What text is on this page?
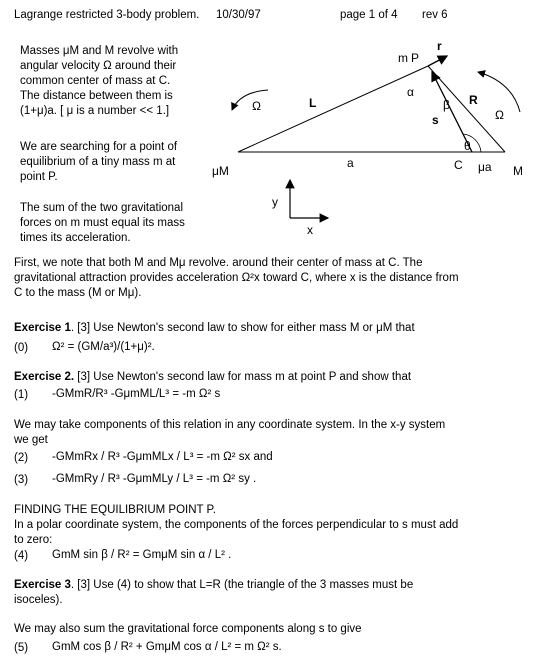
Lagrange restricted 3-body problem. 10/30/97	page 1 of 4 rev 6
Masses μM and M revolve with
angular velocity Ω around their
common center of mass at C.
The distance between them is
(1+μ)a. [ μ is a number << 1.]
We are searching for a point of
equilibrium of a tiny mass m at
point P.
The sum of the two gravitational
forces on m must equal its mass
times its acceleration.
m P
r
α
β R
Ω
Ω
L
s
θ
a	μa
μM	C	M
y
x
First, we note that both M and Mμ revolve. around their center of mass at C. The
gravitational attraction provides acceleration Ω²x toward C, where x is the distance from
C to the mass (M or Mμ).
Exercise 1. [3] Use Newton's second law to show for either mass M or μM that
(0) Ω² = (GM/a³)/(1+μ)².
Exercise 2. [3] Use Newton's second law for mass m at point P and show that
(1) -GMmR/R³ -GμmML/L³ = -m Ω² s
We may take components of this relation in any coordinate system. In the x-y system
we get
(2) -GMmRx / R³ -GμmMLx / L³ = -m Ω² sx and
(3) -GMmRy / R³ -GμmMLy / L³ = -m Ω² sy .
FINDING THE EQUILIBRIUM POINT P.
In a polar coordinate system, the components of the forces perpendicular to s must add
to zero:
(4) GmM sin β / R² = GmμM sin α / L² .
Exercise 3. [3] Use (4) to show that L=R (the triangle of the 3 masses must be
isoceles).
We may also sum the gravitational force components along s to give
(5) GmM cos β / R² + GmμM cos α / L² = m Ω² s.
